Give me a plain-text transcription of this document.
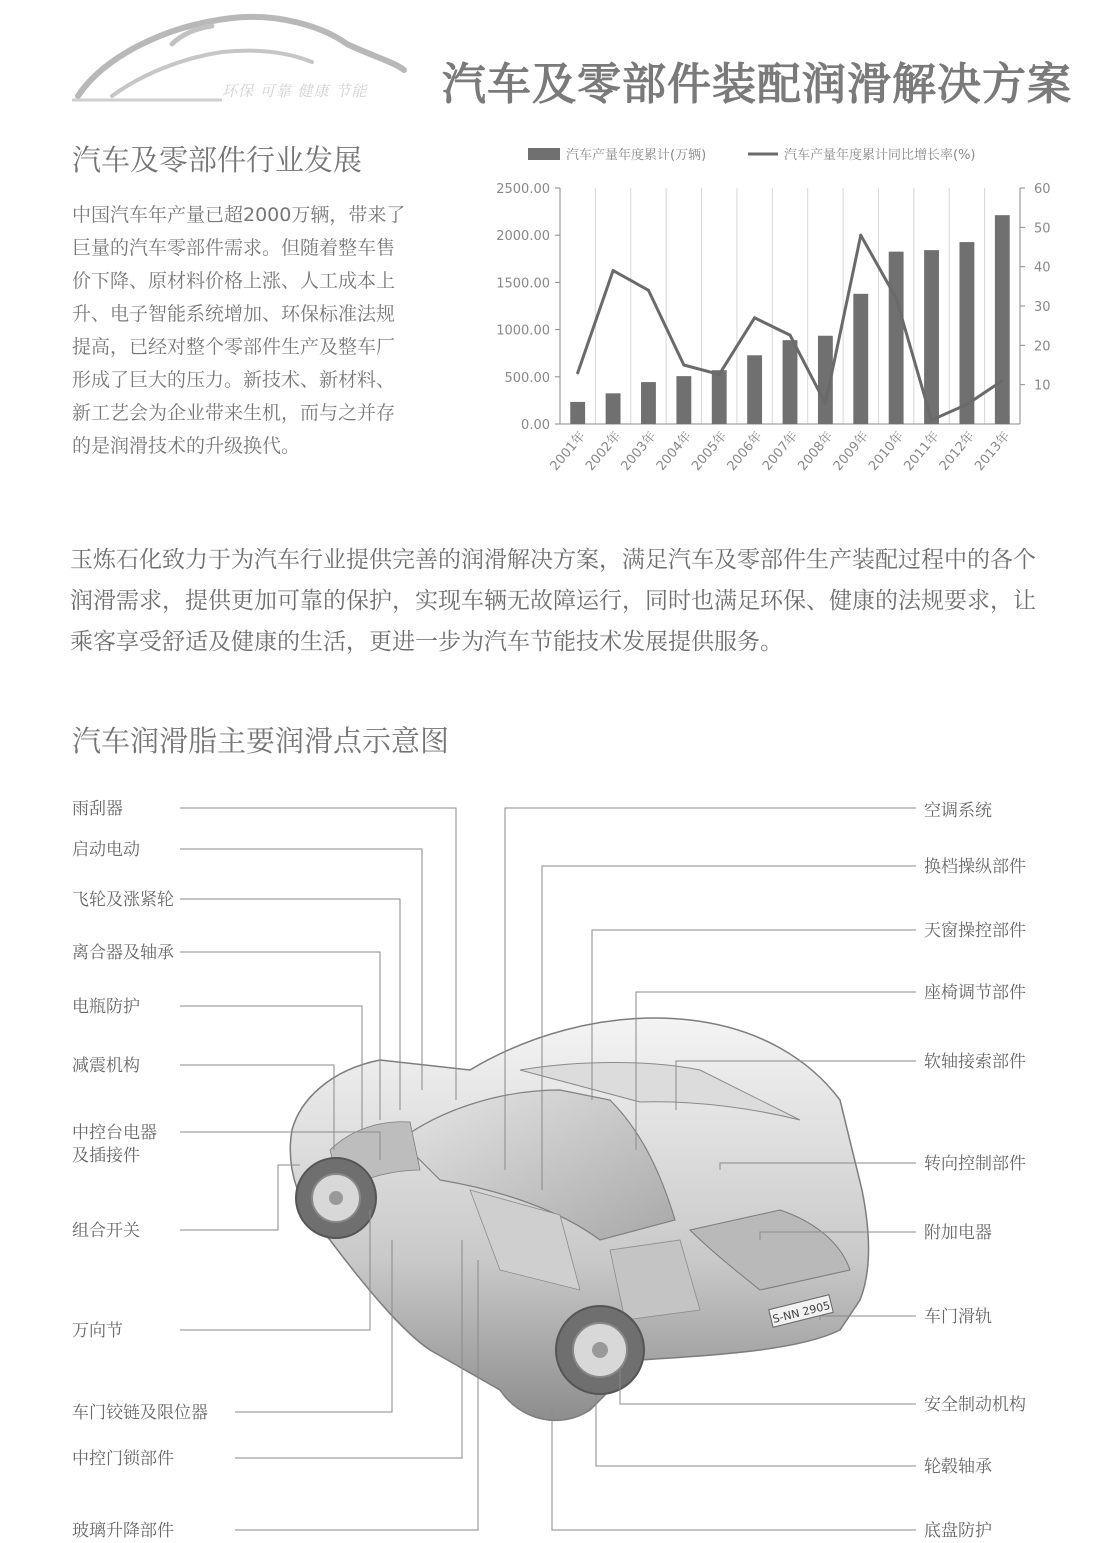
环保 可靠 健康 节能 汽车及零部件装配润滑解决方案
汽车及零部件行业发展
中国汽车年产量已超2000万辆，带来了
巨量的汽车零部件需求。但随着整车售
价下降、原材料价格上涨、人工成本上
升、电子智能系统增加、环保标准法规
提高，已经对整个零部件生产及整车厂
形成了巨大的压力。新技术、新材料、
新工艺会为企业带来生机，而与之并存
的是润滑技术的升级换代。
汽车产量年度累计(万辆)	汽车产量年度累计同比增长率(%)
0.00
500.00
1000.00
1500.00
2000.00
2500.00
10
20
30
40
50
60
2001年
2002年
2003年
2004年
2005年
2006年
2007年
2008年
2009年
2010年
2011年
2012年
2013年
玉炼石化致力于为汽车行业提供完善的润滑解决方案，满足汽车及零部件生产装配过程中的各个
润滑需求，提供更加可靠的保护，实现车辆无故障运行，同时也满足环保、健康的法规要求，让
乘客享受舒适及健康的生活，更进一步为汽车节能技术发展提供服务。
汽车润滑脂主要润滑点示意图
S-NN 2905
雨刮器
启动电动
飞轮及涨紧轮
离合器及轴承
电瓶防护
减震机构
中控台电器
及插接件
组合开关
万向节
车门铰链及限位器
中控门锁部件
玻璃升降部件
空调系统
换档操纵部件
天窗操控部件
座椅调节部件
软轴接索部件
转向控制部件
附加电器
车门滑轨
安全制动机构
轮毂轴承
底盘防护
